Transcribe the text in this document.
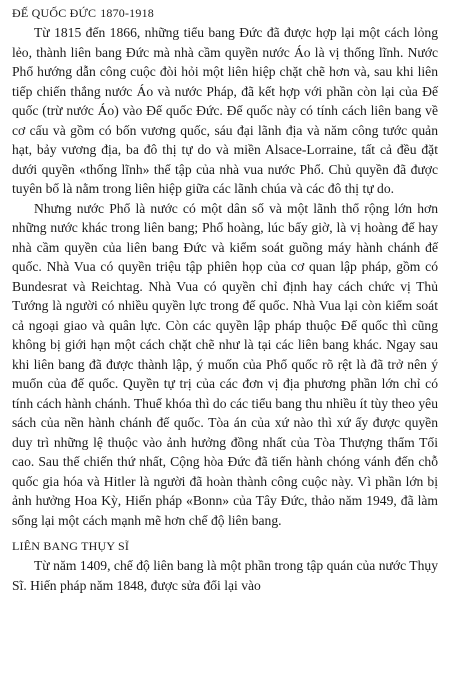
ĐẾ QUỐC ĐỨC 1870-1918

Từ 1815 đến 1866, những tiểu bang Đức đã được hợp lại một cách lỏng lẻo, thành liên bang Đức mà nhà cầm quyền nước Áo là vị thống lĩnh. Nước Phổ hướng dẫn công cuộc đòi hỏi một liên hiệp chặt chẽ hơn và, sau khi liên tiếp chiến thắng nước Áo và nước Pháp, đã kết hợp với phần còn lại của Đế quốc (trừ nước Áo) vào Đế quốc Đức. Đế quốc này có tính cách liên bang về cơ cấu và gồm có bốn vương quốc, sáu đại lãnh địa và năm công tước quản hạt, bảy vương địa, ba đô thị tự do và miền Alsace-Lorraine, tất cả đều đặt dưới quyền «thống lĩnh» thế tập của nhà vua nước Phổ. Chủ quyền đã được tuyên bố là nằm trong liên hiệp giữa các lãnh chúa và các đô thị tự do.

Nhưng nước Phổ là nước có một dân số và một lãnh thổ rộng lớn hơn những nước khác trong liên bang; Phổ hoàng, lúc bấy giờ, là vị hoàng đế hay nhà cầm quyền của liên bang Đức và kiểm soát guồng máy hành chánh đế quốc. Nhà Vua có quyền triệu tập phiên họp của cơ quan lập pháp, gồm có Bundesrat và Reichtag. Nhà Vua có quyền chỉ định hay cách chức vị Thủ Tướng là người có nhiều quyền lực trong đế quốc. Nhà Vua lại còn kiểm soát cả ngoại giao và quân lực. Còn các quyền lập pháp thuộc Đế quốc thì cũng không bị giới hạn một cách chặt chẽ như là tại các liên bang khác. Ngay sau khi liên bang đã được thành lập, ý muốn của Phổ quốc rõ rệt là đã trở nên ý muốn của đế quốc. Quyền tự trị của các đơn vị địa phương phần lớn chỉ có tính cách hành chánh. Thuế khóa thì do các tiểu bang thu nhiều ít tùy theo yêu sách của nền hành chánh đế quốc. Tòa án của xứ nào thì xứ ấy được quyền duy trì những lệ thuộc vào ảnh hưởng đồng nhất của Tòa Thượng thẩm Tối cao. Sau thế chiến thứ nhất, Cộng hòa Đức đã tiến hành chóng vánh đến chỗ quốc gia hóa và Hitler là người đã hoàn thành công cuộc này. Vì phần lớn bị ảnh hưởng Hoa Kỳ, Hiến pháp «Bonn» của Tây Đức, thảo năm 1949, đã làm sống lại một cách mạnh mẽ hơn chế độ liên bang.

LIÊN BANG THỤY SĨ

Từ năm 1409, chế độ liên bang là một phần trong tập quán của nước Thụy Sĩ. Hiến pháp năm 1848, được sửa đổi lại vào
